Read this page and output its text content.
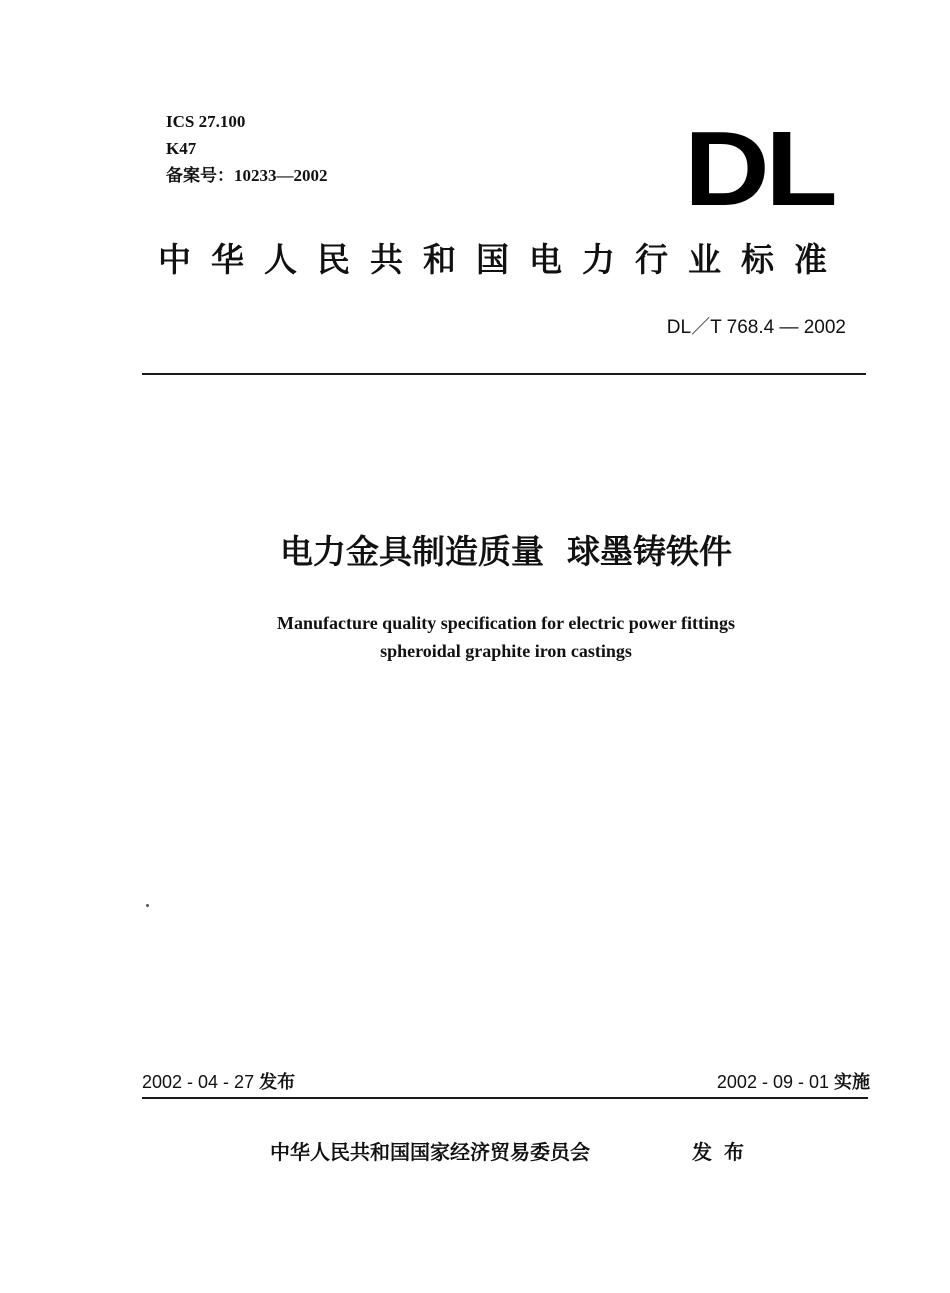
ICS 27.100
K47
备案号：10233—2002	DL
中华人民共和国电力行业标准
DL／T 768.4 — 2002
电力金具制造质量  球墨铸铁件
Manufacture quality specification for electric power fittings
spheroidal graphite iron castings
2002 - 04 - 27 发布	2002 - 09 - 01 实施
中华人民共和国国家经济贸易委员会	发布
